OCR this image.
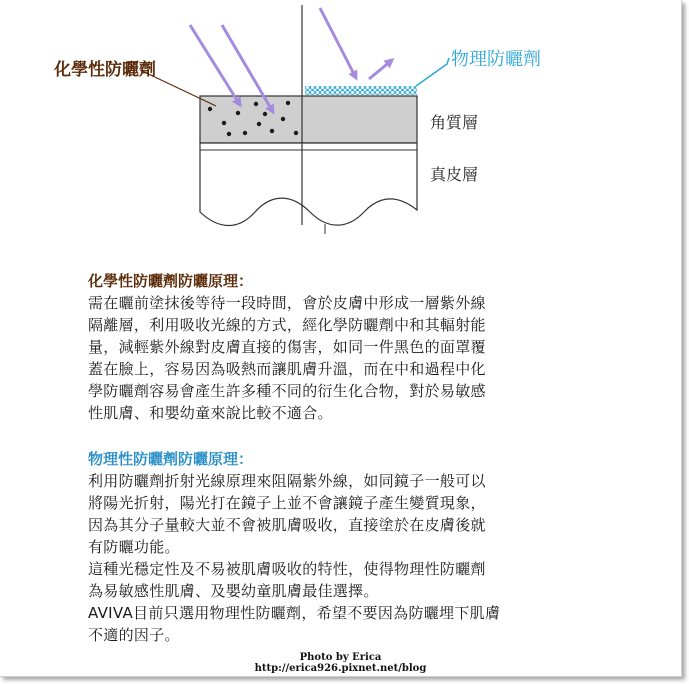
化學性防曬劑	物理防曬劑
角質層
真皮層
化學性防曬劑防曬原理：

需在曬前塗抹後等待一段時間，會於皮膚中形成一層紫外線

隔離層，利用吸收光線的方式，經化學防曬劑中和其輻射能

量，減輕紫外線對皮膚直接的傷害，如同一件黑色的面罩覆

蓋在臉上，容易因為吸熱而讓肌膚升溫，而在中和過程中化

學防曬劑容易會產生許多種不同的衍生化合物，對於易敏感

性肌膚、和嬰幼童來說比較不適合。

物理性防曬劑防曬原理：

利用防曬劑折射光線原理來阻隔紫外線，如同鏡子一般可以

將陽光折射，陽光打在鏡子上並不會讓鏡子產生變質現象，

因為其分子量較大並不會被肌膚吸收，直接塗於在皮膚後就

有防曬功能。

這種光穩定性及不易被肌膚吸收的特性，使得物理性防曬劑

為易敏感性肌膚、及嬰幼童肌膚最佳選擇。

AVIVA目前只選用物理性防曬劑，希望不要因為防曬埋下肌膚

不適的因子。

Photo by Erica
http://erica926.pixnet.net/blog
